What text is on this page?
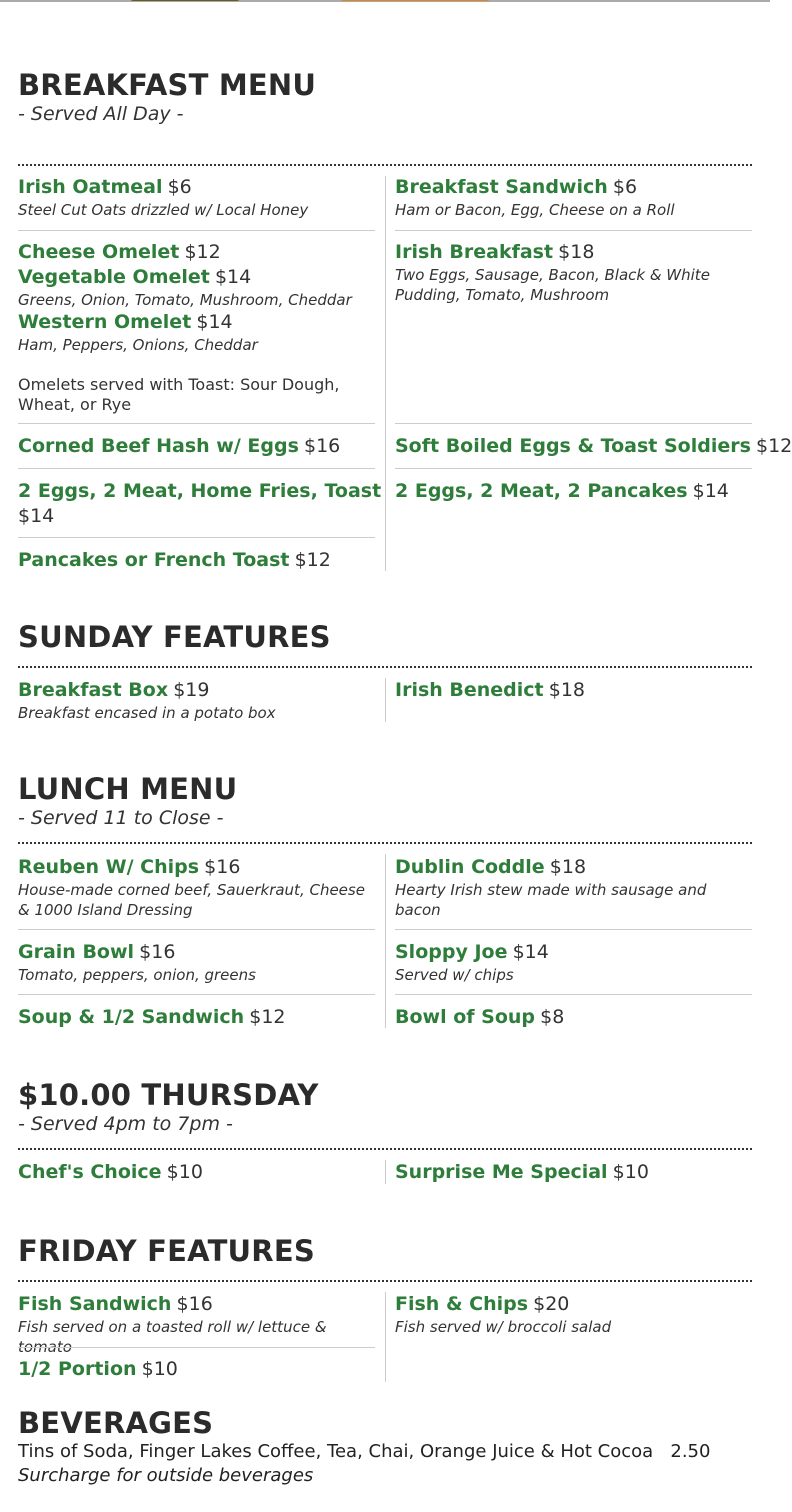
BREAKFAST MENU

- Served All Day -

Irish Oatmeal $6
Steel Cut Oats drizzled w/ Local Honey
Cheese Omelet $12
Vegetable Omelet $14
Greens, Onion, Tomato, Mushroom, Cheddar
Western Omelet $14
Ham, Peppers, Onions, Cheddar
Omelets served with Toast: Sour Dough, Wheat, or Rye
Corned Beef Hash w/ Eggs $16
2 Eggs, 2 Meat, Home Fries, Toast
$14
Pancakes or French Toast $12
Breakfast Sandwich $6
Ham or Bacon, Egg, Cheese on a Roll
Irish Breakfast $18
Two Eggs, Sausage, Bacon, Black & White Pudding, Tomato, Mushroom
Soft Boiled Eggs & Toast Soldiers $12
2 Eggs, 2 Meat, 2 Pancakes $14
SUNDAY FEATURES
Breakfast Box $19
Breakfast encased in a potato box
Irish Benedict $18
LUNCH MENU

- Served 11 to Close -

Reuben W/ Chips $16
House-made corned beef, Sauerkraut, Cheese & 1000 Island Dressing
Grain Bowl $16
Tomato, peppers, onion, greens
Soup & 1/2 Sandwich $12
Dublin Coddle $18
Hearty Irish stew made with sausage and bacon
Sloppy Joe $14
Served w/ chips
Bowl of Soup $8
$10.00 THURSDAY

- Served 4pm to 7pm -

Chef's Choice $10	Surprise Me Special $10
FRIDAY FEATURES
Fish Sandwich $16
Fish served on a toasted roll w/ lettuce & tomato
1/2 Portion $10
Fish & Chips $20
Fish served w/ broccoli salad
BEVERAGES
Tins of Soda, Finger Lakes Coffee, Tea, Chai, Orange Juice & Hot Cocoa 2.50
Surcharge for outside beverages
